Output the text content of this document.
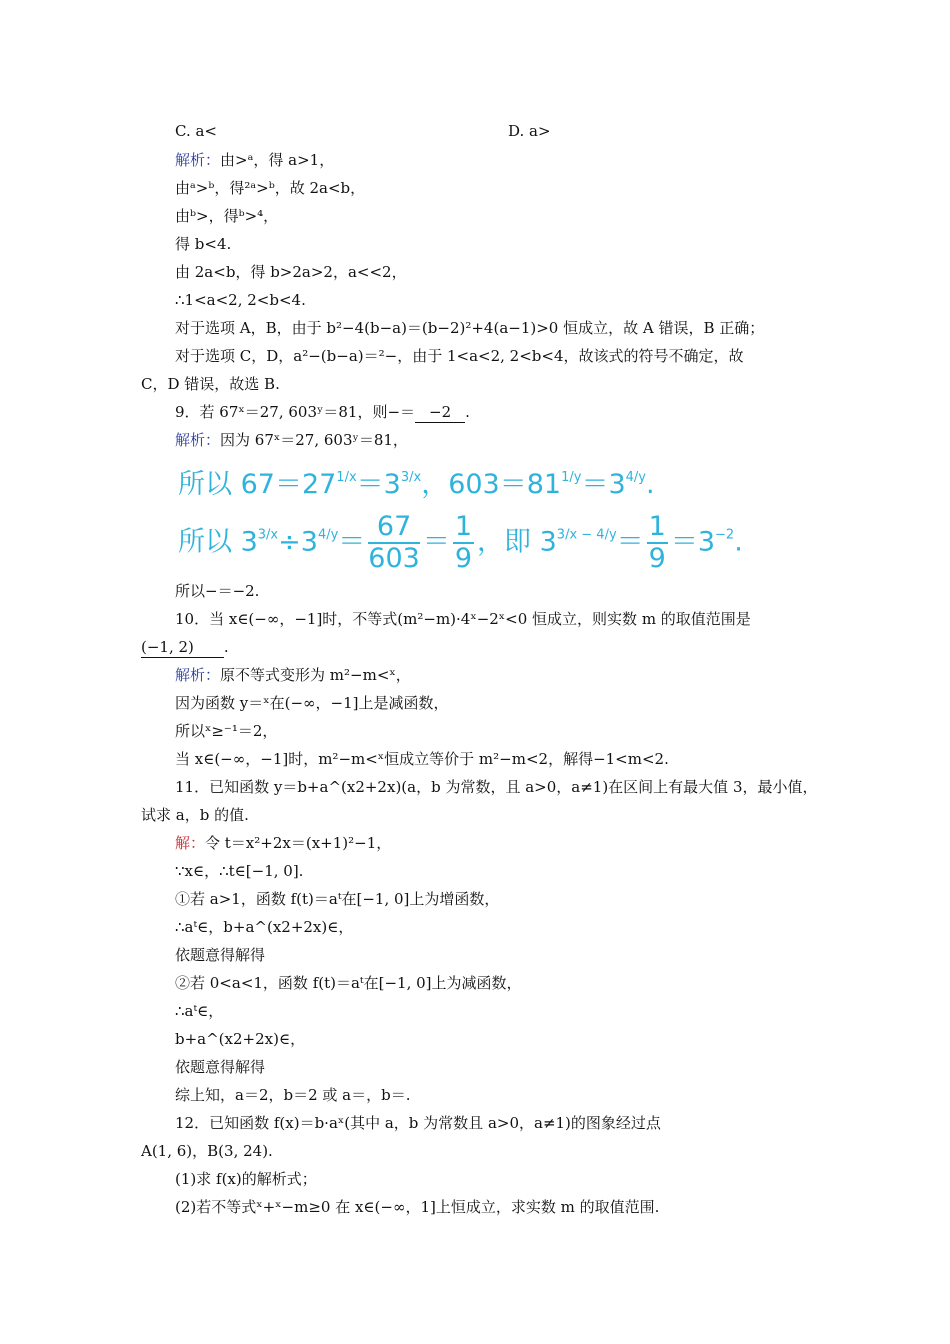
C. a<	D. a>
解析：由>ᵃ，得 a>1，
由ᵃ>ᵇ，得²ᵃ>ᵇ，故 2a<b，
由ᵇ>，得ᵇ>⁴，
得 b<4.
由 2a<b，得 b>2a>2，a<<2，
∴1<a<2, 2<b<4.
对于选项 A，B，由于 b²−4(b−a)＝(b−2)²+4(a−1)>0 恒成立，故 A 错误，B 正确；
对于选项 C，D，a²−(b−a)＝²−，由于 1<a<2, 2<b<4，故该式的符号不确定，故
C，D 错误，故选 B.
9．若 67ˣ＝27, 603ʸ＝81，则−＝ −2 .
解析：因为 67ˣ＝27, 603ʸ＝81，
所以 $67=27^{1/x}=3^{3/x}$，$603=81^{1/y}=3^{4/y}$.
所以 $3^{3/x}\div 3^{4/y}= \frac{67}{603} = \frac{1}{9}$ ，即 $3^{3/x - 4/y}= \frac{1}{9} =3^{-2}$.
所以−＝−2.
10．当 x∈(−∞，−1]时，不等式(m²−m)·4ˣ−2ˣ<0 恒成立，则实数 m 的取值范围是
(−1, 2) .
解析：原不等式变形为 m²−m<ˣ，
因为函数 y＝ˣ在(−∞，−1]上是减函数，
所以ˣ≥⁻¹＝2，
当 x∈(−∞，−1]时，m²−m<ˣ恒成立等价于 m²−m<2，解得−1<m<2.
11．已知函数 y＝b+a^(x2+2x)(a，b 为常数，且 a>0，a≠1)在区间上有最大值 3，最小值，
试求 a，b 的值.
解：令 t＝x²+2x＝(x+1)²−1，
∵x∈，∴t∈[−1, 0].
①若 a>1，函数 f(t)＝aᵗ在[−1, 0]上为增函数，
∴aᵗ∈，b+a^(x2+2x)∈，
依题意得解得
②若 0<a<1，函数 f(t)＝aᵗ在[−1, 0]上为减函数，
∴aᵗ∈，
b+a^(x2+2x)∈，
依题意得解得
综上知，a＝2，b＝2 或 a＝，b＝.
12．已知函数 f(x)＝b·aˣ(其中 a，b 为常数且 a>0，a≠1)的图象经过点
A(1, 6)，B(3, 24).
(1)求 f(x)的解析式；
(2)若不等式ˣ+ˣ−m≥0 在 x∈(−∞，1]上恒成立，求实数 m 的取值范围.
